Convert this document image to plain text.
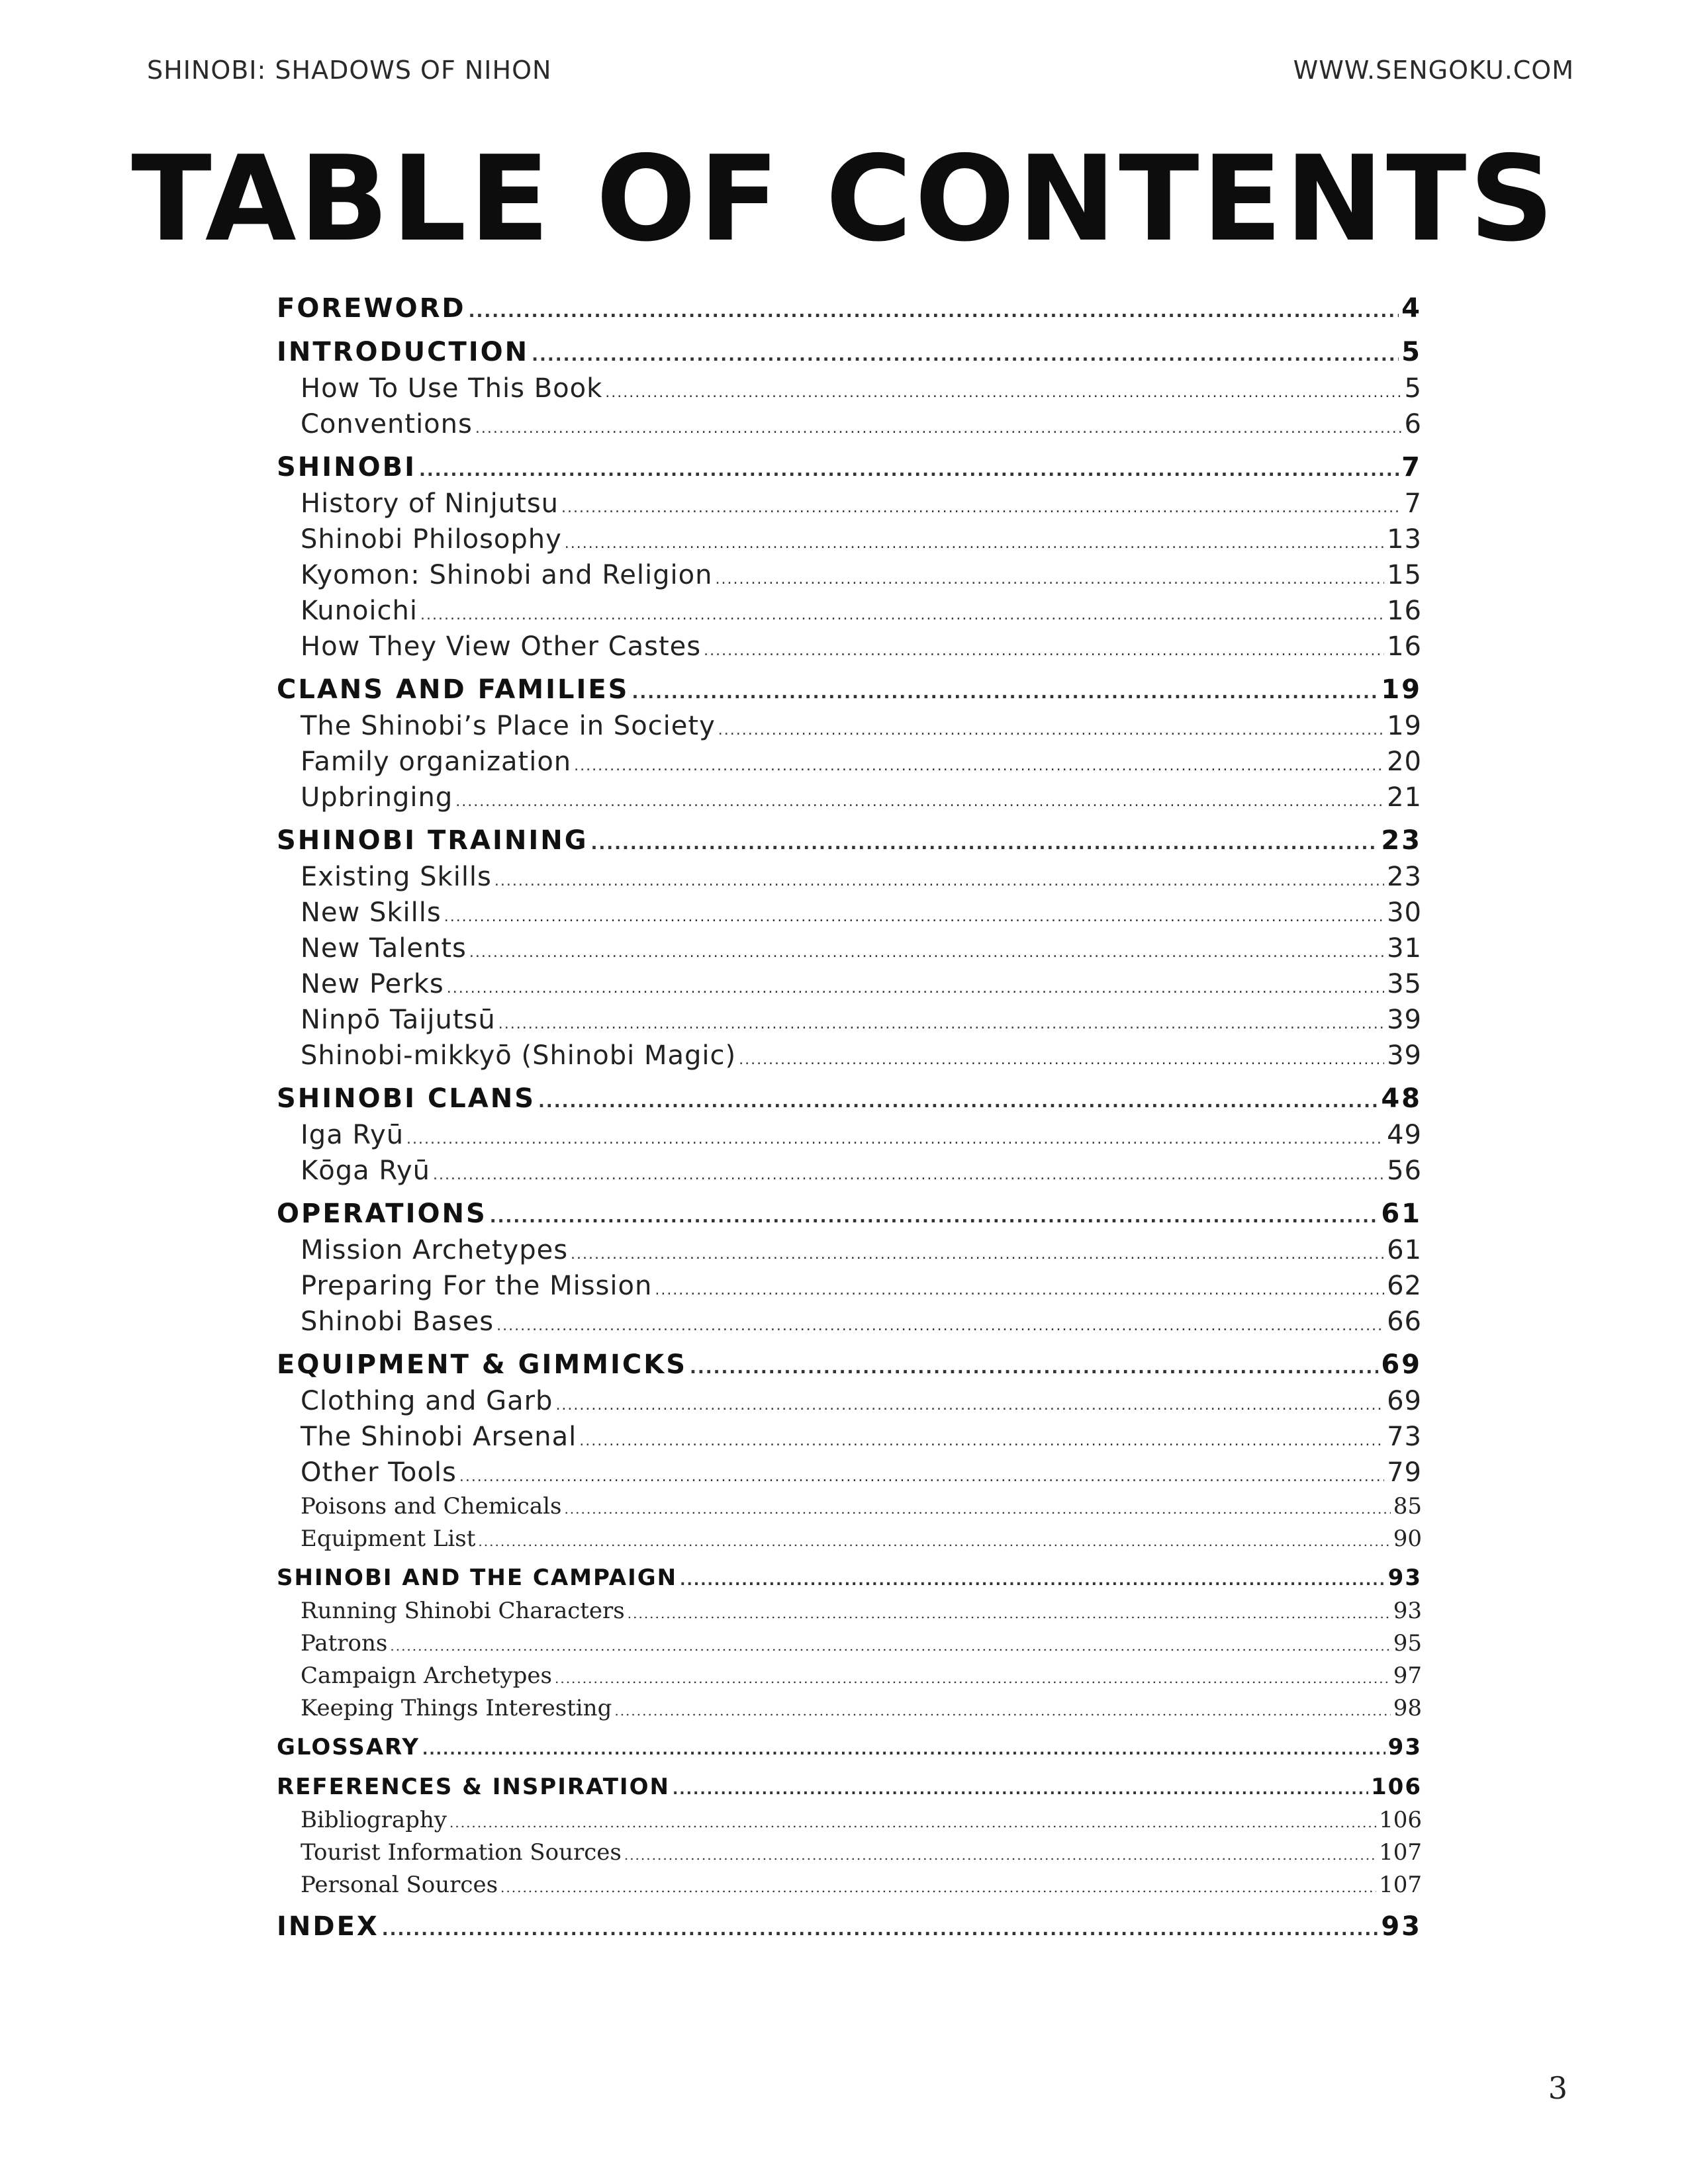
SHINOBI: SHADOWS OF NIHON	WWW.SENGOKU.COM
TABLE OF CONTENTS
FOREWORD .....	4
INTRODUCTION .....	5
How To Use This Book .....	5
Conventions .....	6
SHINOBI .....	7
History of Ninjutsu .....	7
Shinobi Philosophy .....	13
Kyomon: Shinobi and Religion .....	15
Kunoichi .....	16
How They View Other Castes .....	16
CLANS AND FAMILIES .....	19
The Shinobi’s Place in Society .....	19
Family organization .....	20
Upbringing .....	21
SHINOBI TRAINING .....	23
Existing Skills .....	23
New Skills .....	30
New Talents .....	31
New Perks .....	35
Ninpō Taijutsū .....	39
Shinobi-mikkyō (Shinobi Magic) .....	39
SHINOBI CLANS .....	48
Iga Ryū .....	49
Kōga Ryū .....	56
OPERATIONS .....	61
Mission Archetypes .....	61
Preparing For the Mission .....	62
Shinobi Bases .....	66
EQUIPMENT & GIMMICKS .....	69
Clothing and Garb .....	69
The Shinobi Arsenal .....	73
Other Tools .....	79
Poisons and Chemicals .....	85
Equipment List .....	90
SHINOBI AND THE CAMPAIGN .....	93
Running Shinobi Characters .....	93
Patrons .....	95
Campaign Archetypes .....	97
Keeping Things Interesting .....	98
GLOSSARY .....	93
REFERENCES & INSPIRATION .....	106
Bibliography .....	106
Tourist Information Sources .....	107
Personal Sources .....	107
INDEX .....	93
3
